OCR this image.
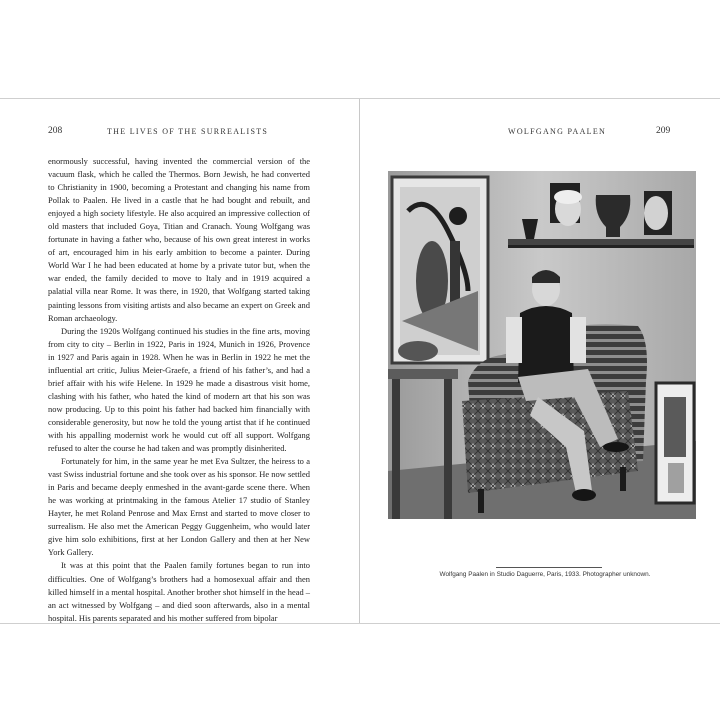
208	THE LIVES OF THE SURREALISTS

enormously successful, having invented the commercial version of the vacuum flask, which he called the Thermos. Born Jewish, he had converted to Christianity in 1900, becoming a Protestant and changing his name from Pollak to Paalen. He lived in a castle that he had bought and rebuilt, and enjoyed a high society lifestyle. He also acquired an impressive collection of old masters that included Goya, Titian and Cranach. Young Wolfgang was fortunate in having a father who, because of his own great interest in works of art, encouraged him in his early ambition to become a painter. During World War I he had been educated at home by a private tutor but, when the war ended, the family decided to move to Italy and in 1919 acquired a palatial villa near Rome. It was there, in 1920, that Wolfgang started taking painting lessons from visiting artists and also became an expert on Greek and Roman archaeology.

During the 1920s Wolfgang continued his studies in the fine arts, moving from city to city – Berlin in 1922, Paris in 1924, Munich in 1926, Provence in 1927 and Paris again in 1928. When he was in Berlin in 1922 he met the influential art critic, Julius Meier-Graefe, a friend of his father’s, and had a brief affair with his wife Helene. In 1929 he made a disastrous visit home, clashing with his father, who hated the kind of modern art that his son was now producing. Up to this point his father had backed him financially with considerable generosity, but now he told the young artist that if he continued with his appalling modernist work he would cut off all support. Wolfgang refused to alter the course he had taken and was promptly disinherited.

Fortunately for him, in the same year he met Eva Sultzer, the heiress to a vast Swiss industrial fortune and she took over as his sponsor. He now settled in Paris and became deeply enmeshed in the avant-garde scene there. When he was working at printmaking in the famous Atelier 17 studio of Stanley Hayter, he met Roland Penrose and Max Ernst and started to move closer to surrealism. He also met the American Peggy Guggenheim, who would later give him solo exhibitions, first at her London Gallery and then at her New York Gallery.

It was at this point that the Paalen family fortunes began to run into difficulties. One of Wolfgang’s brothers had a homosexual affair and then killed himself in a mental hospital. Another brother shot himself in the head – an act witnessed by Wolfgang – and died soon afterwards, also in a mental hospital. His parents separated and his mother suffered from bipolar

WOLFGANG PAALEN	209
Wolfgang Paalen in Studio Daguerre, Paris, 1933. Photographer unknown.
